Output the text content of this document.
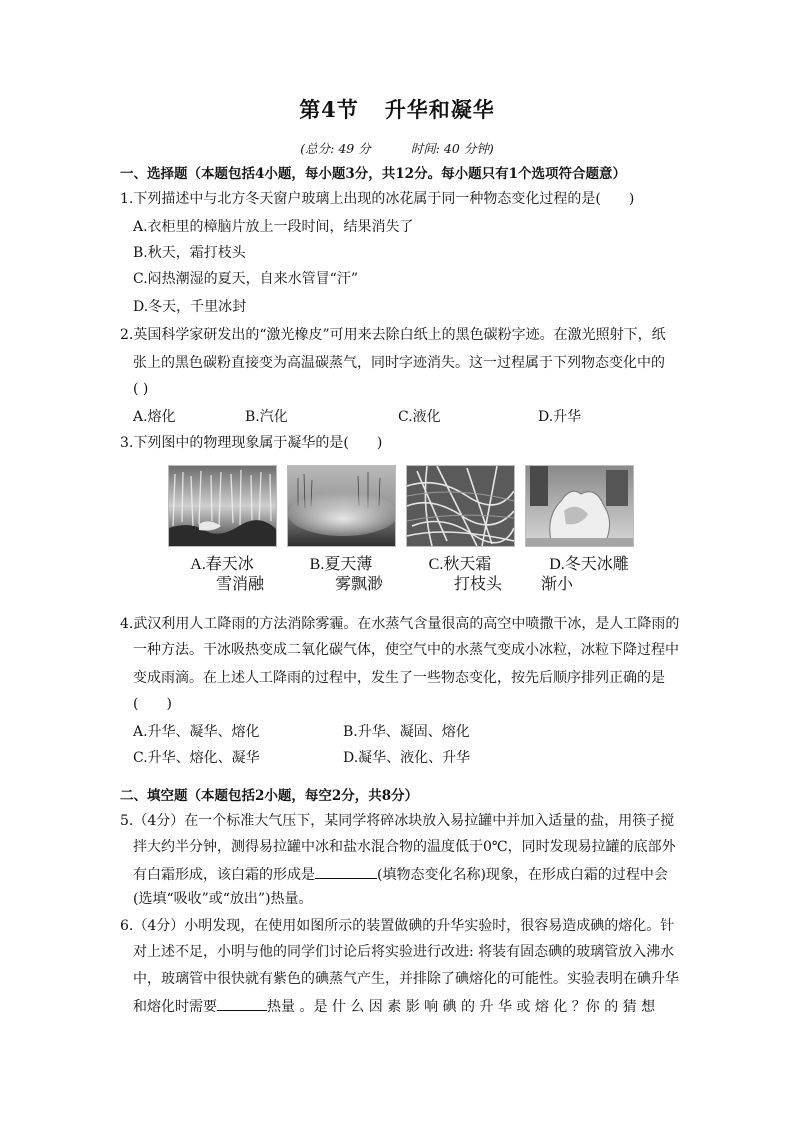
第4节 升华和凝华
(总分: 49 分	时间: 40 分钟)
一、选择题（本题包括4小题，每小题3分，共12分。每小题只有1个选项符合题意）
1.下列描述中与北方冬天窗户玻璃上出现的冰花属于同一种物态变化过程的是(　　)
A.衣柜里的樟脑片放上一段时间，结果消失了
B.秋天，霜打枝头
C.闷热潮湿的夏天，自来水管冒“汗”
D.冬天，千里冰封
2.英国科学家研发出的“激光橡皮”可用来去除白纸上的黑色碳粉字迹。在激光照射下，纸
张上的黑色碳粉直接变为高温碳蒸气，同时字迹消失。这一过程属于下列物态变化中的
( )
A.熔化	B.汽化	C.液化	D.升华
3.下列图中的物理现象属于凝华的是(　　)
A.春天冰
雪消融
B.夏天薄
雾飘渺
C.秋天霜
打枝头
D.冬天冰雕
渐小
4.武汉利用人工降雨的方法消除雾霾。在水蒸气含量很高的高空中喷撒干冰，是人工降雨的
一种方法。干冰吸热变成二氧化碳气体，使空气中的水蒸气变成小冰粒，冰粒下降过程中
变成雨滴。在上述人工降雨的过程中，发生了一些物态变化，按先后顺序排列正确的是
(　　)
A.升华、凝华、熔化	B.升华、凝固、熔化
C.升华、熔化、凝华	D.凝华、液化、升华
二、填空题（本题包括2小题，每空2分，共8分）
5.（4分）在一个标准大气压下，某同学将碎冰块放入易拉罐中并加入适量的盐，用筷子搅
拌大约半分钟，测得易拉罐中冰和盐水混合物的温度低于0℃，同时发现易拉罐的底部外
有白霜形成，该白霜的形成是	(填物态变化名称)现象，在形成白霜的过程中会
(选填“吸收”或“放出”)热量。
6.（4分）小明发现，在使用如图所示的装置做碘的升华实验时，很容易造成碘的熔化。针
对上述不足，小明与他的同学们讨论后将实验进行改进: 将装有固态碘的玻璃管放入沸水
中，玻璃管中很快就有紫色的碘蒸气产生，并排除了碘熔化的可能性。实验表明在碘升华
和熔化时需要	热量 。是 什 么 因 素 影 响 碘 的 升 华 或 熔 化 ？你 的 猜 想
